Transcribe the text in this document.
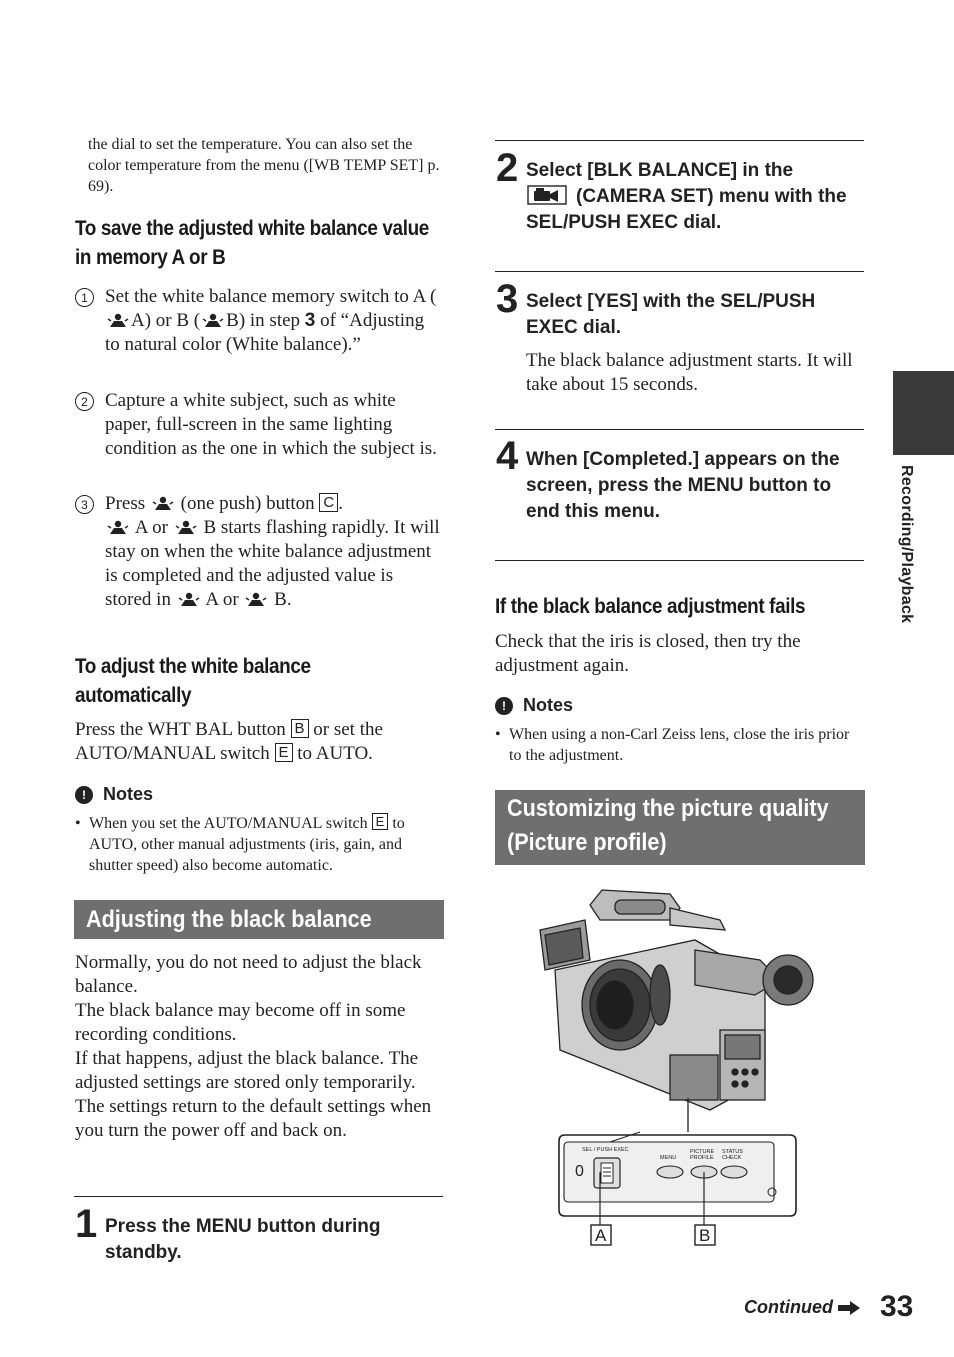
the dial to set the temperature. You can also set the color temperature from the menu ([WB TEMP SET] p. 69).
To save the adjusted white balance value in memory A or B
1 Set the white balance memory switch to A (A) or B ( B) in step 3 of “Adjusting to natural color (White balance).”
2 Capture a white subject, such as white paper, full-screen in the same lighting condition as the one in which the subject is.
3 Press  (one push) button C .
A or  B starts flashing rapidly. It will stay on when the white balance adjustment is completed and the adjusted value is stored in  A or  B.
To adjust the white balance automatically
Press the WHT BAL button B or set the AUTO/MANUAL switch E to AUTO.
! Notes
• When you set the AUTO/MANUAL switch E to AUTO, other manual adjustments (iris, gain, and shutter speed) also become automatic.
Adjusting the black balance
Normally, you do not need to adjust the black balance.
The black balance may become off in some recording conditions.
If that happens, adjust the black balance. The adjusted settings are stored only temporarily. The settings return to the default settings when you turn the power off and back on.
1 Press the MENU button during standby.
2 Select [BLK BALANCE] in the
(CAMERA SET) menu with the SEL/PUSH EXEC dial.
3 Select [YES] with the SEL/PUSH EXEC dial.
The black balance adjustment starts. It will take about 15 seconds.
4 When [Completed.] appears on the screen, press the MENU button to end this menu.
If the black balance adjustment fails
Check that the iris is closed, then try the adjustment again.
! Notes
• When using a non-Carl Zeiss lens, close the iris prior to the adjustment.
Customizing the picture quality
(Picture profile)
0
SEL / PUSH EXEC
MENU
PICTURE
PROFILE
STATUS
CHECK
A	B
Recording/Playback
Continued 33
